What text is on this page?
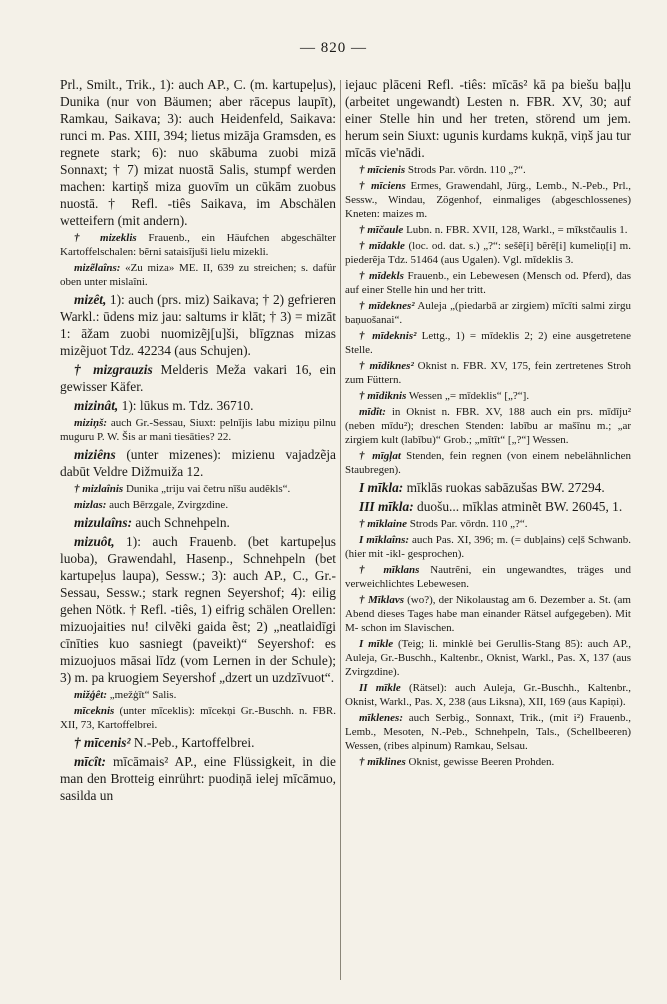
— 820 —

Prl., Smilt., Trik., 1): auch AP., C. (m. kartupeļus), Dunika (nur von Bäumen; aber rācepus laupīt), Ramkau, Saikava; 3): auch Heidenfeld, Saikava: runci m. Pas. XIII, 394; lietus mizāja Gramsden, es regnete stark; 6): nuo skābuma zuobi mizā Sonnaxt; † 7) mizat nuostā Salis, stumpf werden machen: kartiņš miza guovīm un cūkām zuobus nuostā. † Refl. -tiês Saikava, im Abschälen wetteifern (mit andern).

† mizeklis Frauenb., ein Häufchen abgeschälter Kartoffelschalen: bẽrni sataisĩjuši lielu mizekli.

mizẽlaîns: «Zu miza» ME. II, 639 zu streichen; s. dafür oben unter mislaîni.

mizêt, 1): auch (prs. miz) Saikava; † 2) gefrieren Warkl.: ūdens miz jau: saltums ir klāt; † 3) = mizāt 1: āžam zuobi nuomizẽj[u]ši, blīgznas mizas mizẽjuot Tdz. 42234 (aus Schujen).

† mizgrauzis Melderis Meža vakari 16, ein gewisser Käfer.

mizinât, 1): lūkus m. Tdz. 36710.

miziņš: auch Gr.-Sessau, Siuxt: pelnījis labu miziņu pilnu muguru P. W. Šis ar mani tiesāties? 22.

miziêns (unter mizenes): mizienu vajadzẽja dabūt Veldre Dižmuiža 12.

† mizlaînis Dunika „triju vai četru nīšu audẽkls“.

mizlas: auch Bērzgale, Zvirgzdine.

mizulaîns: auch Schnehpeln.

mizuôt, 1): auch Frauenb. (bet kartupeļus luoba), Grawendahl, Hasenp., Schnehpeln (bet kartupeļus laupa), Sessw.; 3): auch AP., C., Gr.-Sessau, Sessw.; stark regnen Seyershof; 4): eilig gehen Nötk. † Refl. -tiês, 1) eifrig schälen Orellen: mizuojaities nu! cilvẽki gaida ẽst; 2) „neatlaidīgi cīnīties kuo sasniegt (paveikt)“ Seyershof: es mizuojuos māsai līdz (vom Lernen in der Schule); 3) m. pa kruogiem Seyershof „dzert un uzdzīvuot“.

mižģêt: „mežģīt“ Salis.

mīceknis (unter mīceklis): mīcekņi Gr.-Buschh. n. FBR. XII, 73, Kartoffelbrei.

† mīcenis² N.-Peb., Kartoffelbrei.

mīcît: mīcāmais² AP., eine Flüssigkeit, in die man den Brotteig einrührt: puodiņā ielej mīcāmuo, sasilda un

iejauc plāceni Refl. -tiês: mīcās² kā pa biešu baļļu (arbeitet ungewandt) Lesten n. FBR. XV, 30; auf einer Stelle hin und her treten, störend um jem. herum sein Siuxt: ugunis kurdams kukņā, viņš jau tur mīcās vie'nādi.

† mīcienis Strods Par. vōrdn. 110 „?“.

† mīciens Ermes, Grawendahl, Jürg., Lemb., N.-Peb., Prl., Sessw., Windau, Zögenhof, einmaliges (abgeschlossenes) Kneten: maizes m.

† mīčaule Lubn. n. FBR. XVII, 128, Warkl., = mīkstčaulis 1.

† mīdakle (loc. od. dat. s.) „?“: sešẽ[i] bẽrẽ[i] kumeliņ[i] m. piederẽja Tdz. 51464 (aus Ugalen). Vgl. mīdeklis 3.

† mīdekls Frauenb., ein Lebewesen (Mensch od. Pferd), das auf einer Stelle hin und her tritt.

† mīdeknes² Auleja „(piedarbā ar zirgiem) mīcīti salmi zirgu baņuošanai“.

† mīdeknis² Lettg., 1) = mīdeklis 2; 2) eine ausgetretene Stelle.

† mīdiknes² Oknist n. FBR. XV, 175, fein zertretenes Stroh zum Füttern.

† mīdiknis Wessen „= mīdeklis“ [„?“].

mīdît: in Oknist n. FBR. XV, 188 auch ein prs. mīdīju² (neben mīdu²); dreschen Stenden: labību ar mašīnu m.; „ar zirgiem kult (labību)“ Grob.; „mītīt“ [„?“] Wessen.

† mīgļat Stenden, fein regnen (von einem nebelähnlichen Staubregen).

I mīkla: mīklās ruokas sabāzušas BW. 27294.

III mīkla: duošu... mīklas atminẽt BW. 26045, 1.

† mīklaine Strods Par. vōrdn. 110 „?“.

I mīklaîns: auch Pas. XI, 396; m. (= dubļains) ceļš Schwanb. (hier mit -ikl- gesprochen).

† mīklans Nautrẽni, ein ungewandtes, träges und verweichlichtes Lebewesen.

† Mīklavs (wo?), der Nikolaustag am 6. Dezember a. St. (am Abend dieses Tages habe man einander Rätsel aufgegeben). Mit M- schon im Slavischen.

I mīkle (Teig; li. minklė bei Gerullis-Stang 85): auch AP., Auleja, Gr.-Buschh., Kaltenbr., Oknist, Warkl., Pas. X, 137 (aus Zvirgzdine).

II mīkle (Rätsel): auch Auleja, Gr.-Buschh., Kaltenbr., Oknist, Warkl., Pas. X, 238 (aus Liksna), XII, 169 (aus Kapiņi).

mīklenes: auch Serbig., Sonnaxt, Trik., (mit i²) Frauenb., Lemb., Mesoten, N.-Peb., Schnehpeln, Tals., (Schellbeeren) Wessen, (ribes alpinum) Ramkau, Selsau.

† mīklines Oknist, gewisse Beeren Prohden.
